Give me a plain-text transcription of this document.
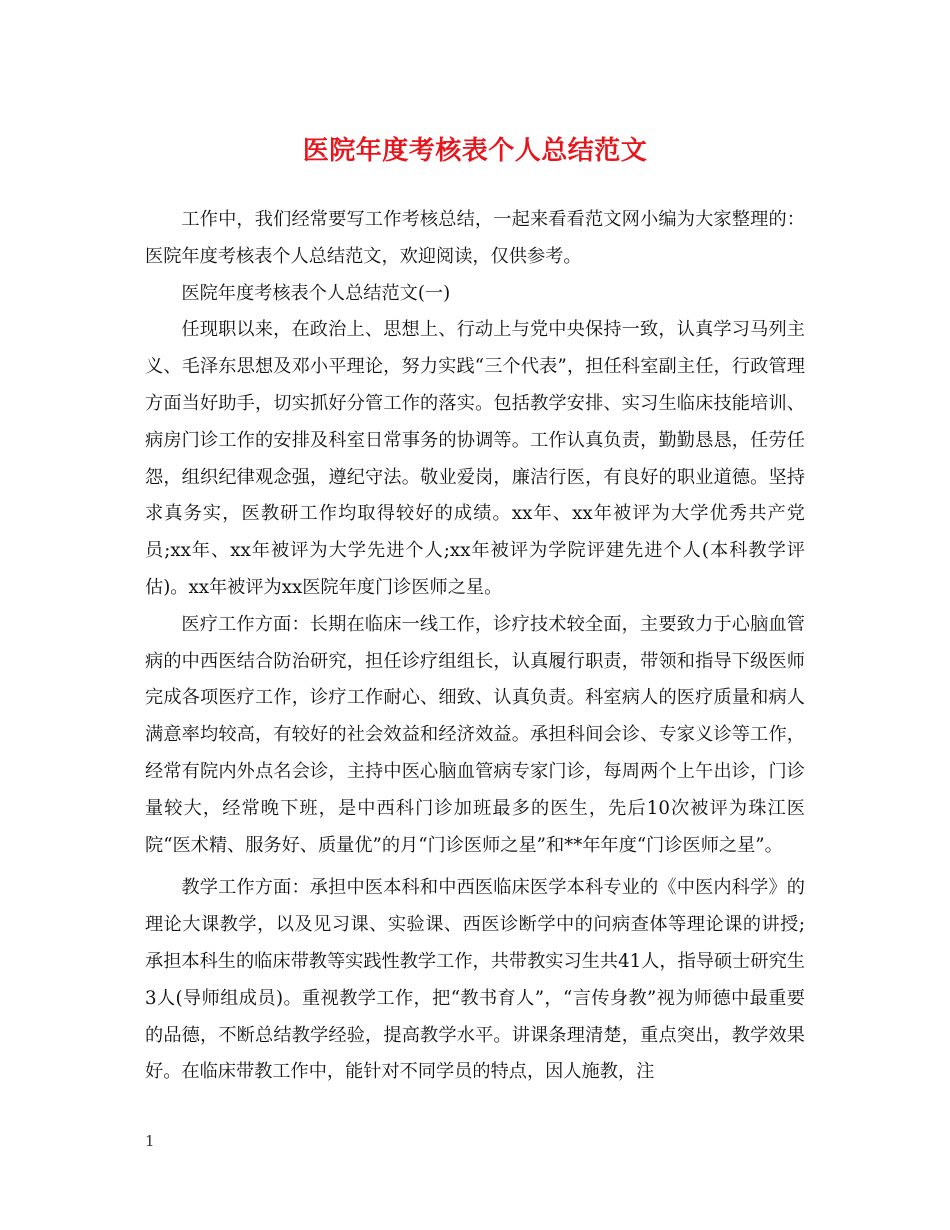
医院年度考核表个人总结范文

工作中，我们经常要写工作考核总结，一起来看看范文网小编为大家整理的：医院年度考核表个人总结范文，欢迎阅读，仅供参考。

医院年度考核表个人总结范文(一)

任现职以来，在政治上、思想上、行动上与党中央保持一致，认真学习马列主义、毛泽东思想及邓小平理论，努力实践“三个代表”，担任科室副主任，行政管理方面当好助手，切实抓好分管工作的落实。包括教学安排、实习生临床技能培训、病房门诊工作的安排及科室日常事务的协调等。工作认真负责，勤勤恳恳，任劳任怨，组织纪律观念强，遵纪守法。敬业爱岗，廉洁行医，有良好的职业道德。坚持求真务实，医教研工作均取得较好的成绩。xx年、xx年被评为大学优秀共产党员;xx年、xx年被评为大学先进个人;xx年被评为学院评建先进个人(本科教学评估)。xx年被评为xx医院年度门诊医师之星。

医疗工作方面：长期在临床一线工作，诊疗技术较全面，主要致力于心脑血管病的中西医结合防治研究，担任诊疗组组长，认真履行职责，带领和指导下级医师完成各项医疗工作，诊疗工作耐心、细致、认真负责。科室病人的医疗质量和病人满意率均较高，有较好的社会效益和经济效益。承担科间会诊、专家义诊等工作，经常有院内外点名会诊，主持中医心脑血管病专家门诊，每周两个上午出诊，门诊量较大，经常晚下班，是中西科门诊加班最多的医生，先后10次被评为珠江医院“医术精、服务好、质量优”的月“门诊医师之星”和**年年度“门诊医师之星”。

教学工作方面：承担中医本科和中西医临床医学本科专业的《中医内科学》的理论大课教学，以及见习课、实验课、西医诊断学中的问病查体等理论课的讲授;承担本科生的临床带教等实践性教学工作，共带教实习生共41人，指导硕士研究生3人(导师组成员)。重视教学工作，把“教书育人”，“言传身教”视为师德中最重要的品德，不断总结教学经验，提高教学水平。讲课条理清楚，重点突出，教学效果好。在临床带教工作中，能针对不同学员的特点，因人施教，注

1
